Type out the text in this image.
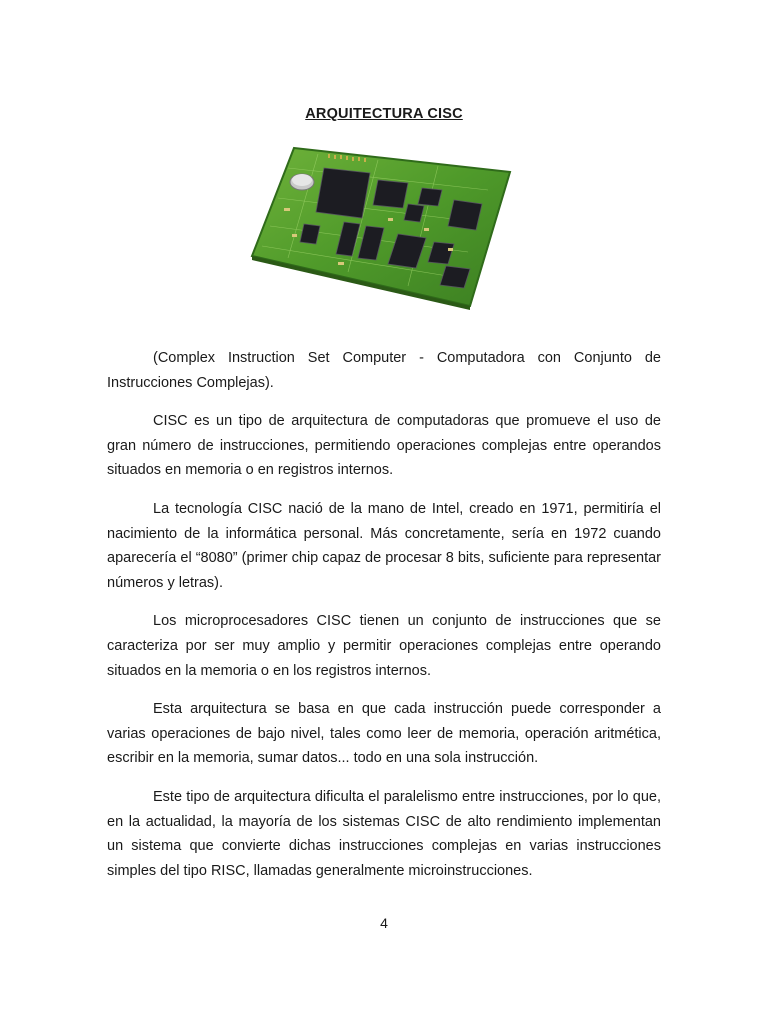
ARQUITECTURA CISC

(Complex Instruction Set Computer - Computadora con Conjunto de Instrucciones Complejas).

CISC es un tipo de arquitectura de computadoras que promueve el uso de gran número de instrucciones, permitiendo operaciones complejas entre operandos situados en memoria o en registros internos.

La tecnología CISC nació de la mano de Intel, creado en 1971, permitiría el nacimiento de la informática personal. Más concretamente, sería en 1972 cuando aparecería el “8080” (primer chip capaz de procesar 8 bits, suficiente para representar números y letras).

Los microprocesadores CISC tienen un conjunto de instrucciones que se caracteriza por ser muy amplio y permitir operaciones complejas entre operando situados en la memoria o en los registros internos.

Esta arquitectura se basa en que cada instrucción puede corresponder a varias operaciones de bajo nivel, tales como leer de memoria, operación aritmética, escribir en la memoria, sumar datos... todo en una sola instrucción.

Este tipo de arquitectura dificulta el paralelismo entre instrucciones, por lo que, en la actualidad, la mayoría de los sistemas CISC de alto rendimiento implementan un sistema que convierte dichas instrucciones complejas en varias instrucciones simples del tipo RISC, llamadas generalmente microinstrucciones.

4
